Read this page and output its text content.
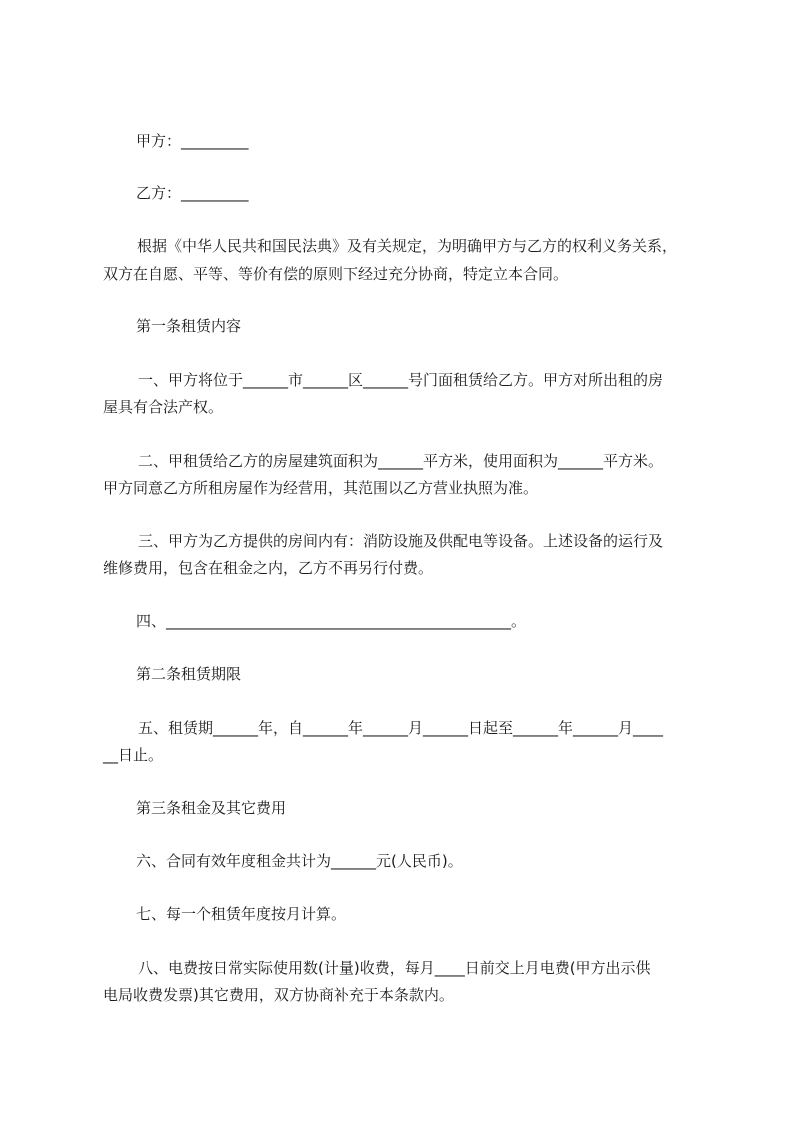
甲方：_________

乙方：_________

根据《中华人民共和国民法典》及有关规定，为明确甲方与乙方的权利义务关系，

双方在自愿、平等、等价有偿的原则下经过充分协商，特定立本合同。

第一条租赁内容

一、甲方将位于______市______区______号门面租赁给乙方。甲方对所出租的房

屋具有合法产权。

二、甲租赁给乙方的房屋建筑面积为______平方米，使用面积为______平方米。

甲方同意乙方所租房屋作为经营用，其范围以乙方营业执照为准。

三、甲方为乙方提供的房间内有：消防设施及供配电等设备。上述设备的运行及

维修费用，包含在租金之内，乙方不再另行付费。

四、______________________________________________。

第二条租赁期限

五、租赁期______年，自______年______月______日起至______年______月____

__日止。

第三条租金及其它费用

六、合同有效年度租金共计为______元(人民币)。

七、每一个租赁年度按月计算。

八、电费按日常实际使用数(计量)收费，每月____日前交上月电费(甲方出示供

电局收费发票)其它费用，双方协商补充于本条款内。
